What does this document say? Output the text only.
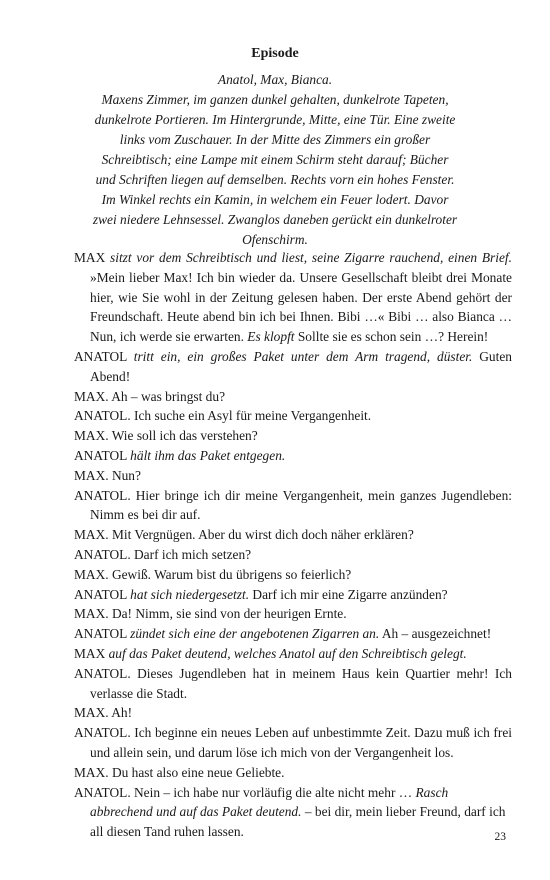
Episode
Anatol, Max, Bianca.
Maxens Zimmer, im ganzen dunkel gehalten, dunkelrote Tapeten,
dunkelrote Portieren. Im Hintergrunde, Mitte, eine Tür. Eine zweite
links vom Zuschauer. In der Mitte des Zimmers ein großer
Schreibtisch; eine Lampe mit einem Schirm steht darauf; Bücher
und Schriften liegen auf demselben. Rechts vorn ein hohes Fenster.
Im Winkel rechts ein Kamin, in welchem ein Feuer lodert. Davor
zwei niedere Lehnsessel. Zwanglos daneben gerückt ein dunkelroter
Ofenschirm.
MAX sitzt vor dem Schreibtisch und liest, seine Zigarre rauchend, einen Brief. »Mein lieber Max! Ich bin wieder da. Unsere Gesellschaft bleibt drei Monate hier, wie Sie wohl in der Zeitung gelesen haben. Der erste Abend gehört der Freundschaft. Heute abend bin ich bei Ihnen. Bibi …« Bibi … also Bianca … Nun, ich werde sie erwarten. Es klopft Sollte sie es schon sein …? Herein!
ANATOL tritt ein, ein großes Paket unter dem Arm tragend, düster. Guten Abend!
MAX. Ah – was bringst du?
ANATOL. Ich suche ein Asyl für meine Vergangenheit.
MAX. Wie soll ich das verstehen?
ANATOL hält ihm das Paket entgegen.
MAX. Nun?
ANATOL. Hier bringe ich dir meine Vergangenheit, mein ganzes Jugendleben: Nimm es bei dir auf.
MAX. Mit Vergnügen. Aber du wirst dich doch näher erklären?
ANATOL. Darf ich mich setzen?
MAX. Gewiß. Warum bist du übrigens so feierlich?
ANATOL hat sich niedergesetzt. Darf ich mir eine Zigarre anzünden?
MAX. Da! Nimm, sie sind von der heurigen Ernte.
ANATOL zündet sich eine der angebotenen Zigarren an. Ah – ausgezeichnet!
MAX auf das Paket deutend, welches Anatol auf den Schreibtisch gelegt.
ANATOL. Dieses Jugendleben hat in meinem Haus kein Quartier mehr! Ich verlasse die Stadt.
MAX. Ah!
ANATOL. Ich beginne ein neues Leben auf unbestimmte Zeit. Dazu muß ich frei und allein sein, und darum löse ich mich von der Vergangenheit los.
MAX. Du hast also eine neue Geliebte.
ANATOL. Nein – ich habe nur vorläufig die alte nicht mehr … Rasch abbrechend und auf das Paket deutend. – bei dir, mein lieber Freund, darf ich all diesen Tand ruhen lassen.	23
